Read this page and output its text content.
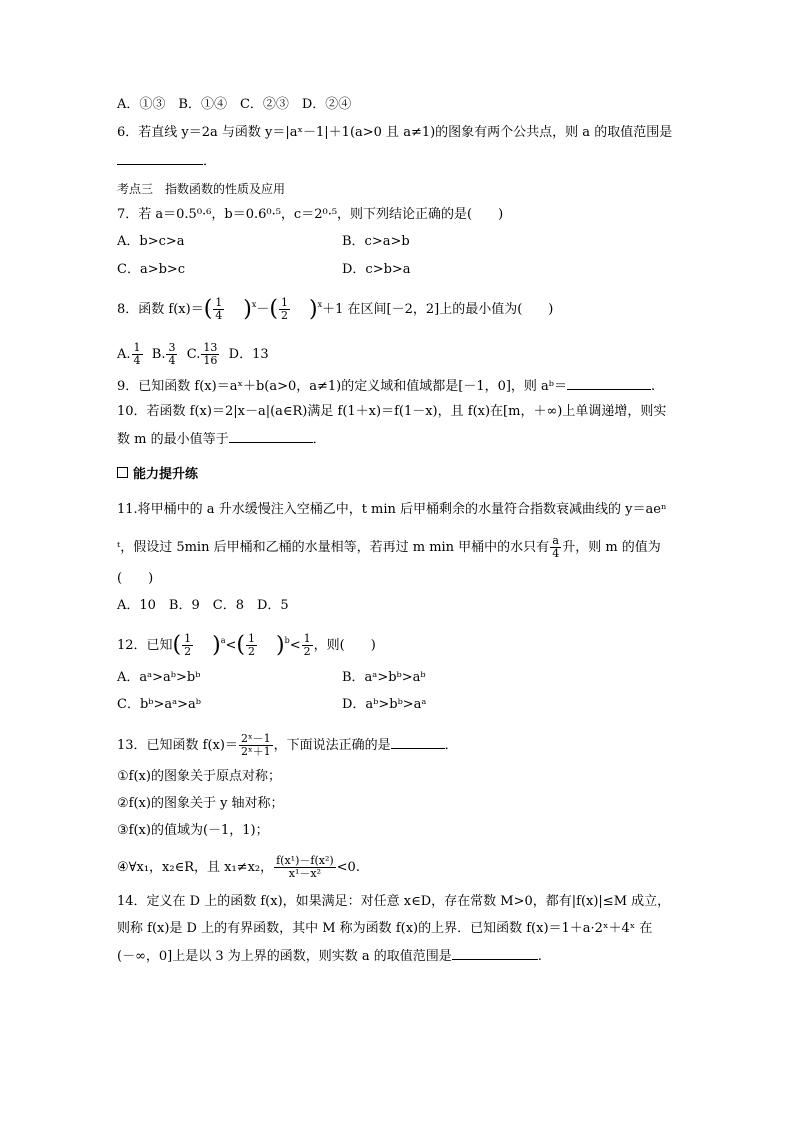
A．①③　B．①④　C．②③　D．②④
6．若直线 y＝2a 与函数 y＝|aˣ－1|＋1(a>0 且 a≠1)的图象有两个公共点，则 a 的取值范围是
．
考点三　指数函数的性质及应用
7．若 a＝0.5⁰·⁶，b＝0.6⁰·⁵，c＝2⁰·⁵，则下列结论正确的是(　　)
A．b>c>a	B．c>a>b
C．a>b>c	D．c>b>a
8．函数 $f(x)=( \frac{1}{4} )^x-( \frac{1}{2} )^x+1$ 在区间[－2，2]上的最小值为(　　)
A. $\frac{1}{4} B$. $\frac{3}{4} C$. $\frac{13}{16}$ D．13
9．已知函数 f(x)＝aˣ＋b(a>0，a≠1)的定义域和值域都是[－1，0]，则 aᵇ＝	.
10．若函数 f(x)＝2|x－a|(a∈R)满足 f(1＋x)＝f(1－x)，且 f(x)在[m，＋∞)上单调递增，则实
数 m 的最小值等于	．
能力提升练
11.将甲桶中的 a 升水缓慢注入空桶乙中，t min 后甲桶剩余的水量符合指数衰减曲线的 y＝aeⁿ
ᵗ，假设过 5min 后甲桶和乙桶的水量相等，若再过 m min 甲桶中的水只有 $\frac{a}{4}$ 升，则 m 的值为
(　　)
A．10　B．9　C．8　D．5
12．已知( $\frac{1}{2} )^a<( \frac{1}{2} )^b< \frac{1}{2}$ ，则(　　)
A．aᵃ>aᵇ>bᵇ	B．aᵃ>bᵇ>aᵇ
C．bᵇ>aᵃ>aᵇ	D．aᵇ>bᵇ>aᵃ
13．已知函数 $f(x)= \frac{\text{2ˣ－1}}{\text{2ˣ＋1}}$ ，下面说法正确的是	．
①f(x)的图象关于原点对称；
②f(x)的图象关于 y 轴对称；
③f(x)的值域为(－1，1)；
④∀x₁，x₂∈R，且 x₁≠x₂， $\frac{\text{f(x¹)－f(x²)}}{\text{x¹－x²}} <0$.
14．定义在 D 上的函数 f(x)，如果满足：对任意 x∈D，存在常数 M>0，都有|f(x)|≤M 成立，
则称 f(x)是 D 上的有界函数，其中 M 称为函数 f(x)的上界．已知函数 f(x)＝1＋a·2ˣ＋4ˣ 在
(－∞，0]上是以 3 为上界的函数，则实数 a 的取值范围是	.
